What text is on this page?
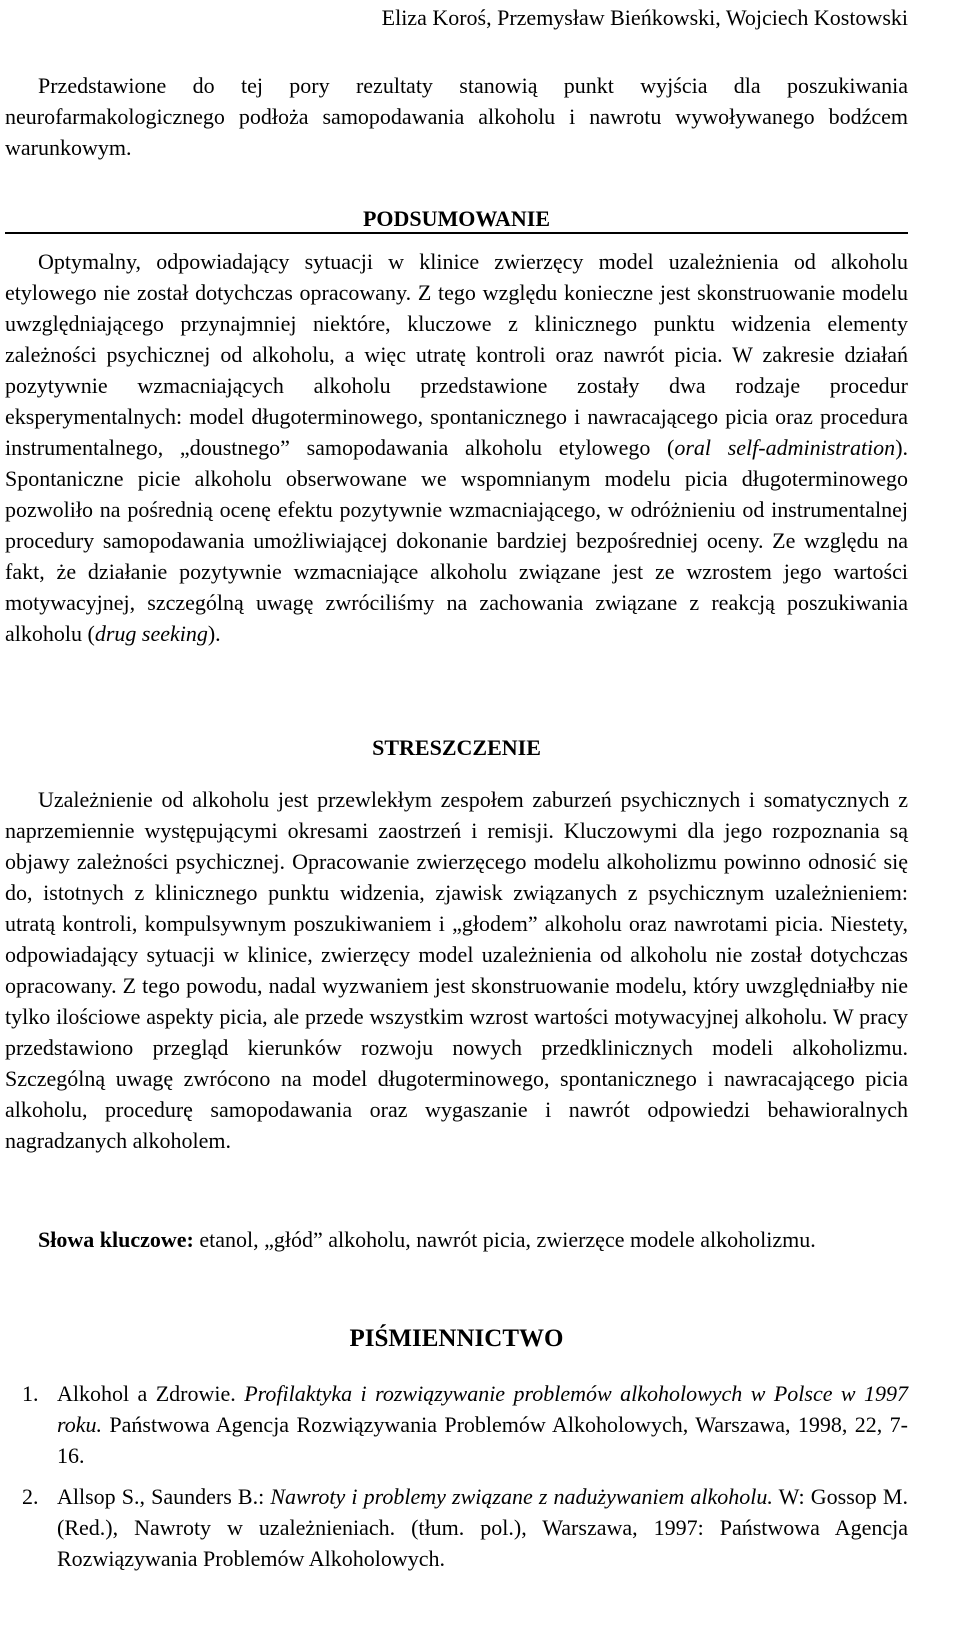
Eliza Koroś, Przemysław Bieńkowski, Wojciech Kostowski

Przedstawione do tej pory rezultaty stanowią punkt wyjścia dla poszukiwania neurofarmakologicznego podłoża samopodawania alkoholu i nawrotu wywoływanego bodźcem warunkowym.

PODSUMOWANIE

Optymalny, odpowiadający sytuacji w klinice zwierzęcy model uzależnienia od alkoholu etylowego nie został dotychczas opracowany. Z tego względu konieczne jest skonstruowanie modelu uwzględniającego przynajmniej niektóre, kluczowe z klinicznego punktu widzenia elementy zależności psychicznej od alkoholu, a więc utratę kontroli oraz nawrót picia. W zakresie działań pozytywnie wzmacniających alkoholu przedstawione zostały dwa rodzaje procedur eksperymentalnych: model długoterminowego, spontanicznego i nawracającego picia oraz procedura instrumentalnego, „doustnego” samopodawania alkoholu etylowego (oral self-administration). Spontaniczne picie alkoholu obserwowane we wspomnianym modelu picia długoterminowego pozwoliło na pośrednią ocenę efektu pozytywnie wzmacniającego, w odróżnieniu od instrumentalnej procedury samopodawania umożliwiającej dokonanie bardziej bezpośredniej oceny. Ze względu na fakt, że działanie pozytywnie wzmacniające alkoholu związane jest ze wzrostem jego wartości motywacyjnej, szczególną uwagę zwróciliśmy na zachowania związane z reakcją poszukiwania alkoholu (drug seeking).

STRESZCZENIE

Uzależnienie od alkoholu jest przewlekłym zespołem zaburzeń psychicznych i somatycznych z naprzemiennie występującymi okresami zaostrzeń i remisji. Kluczowymi dla jego rozpoznania są objawy zależności psychicznej. Opracowanie zwierzęcego modelu alkoholizmu powinno odnosić się do, istotnych z klinicznego punktu widzenia, zjawisk związanych z psychicznym uzależnieniem: utratą kontroli, kompulsywnym poszukiwaniem i „głodem” alkoholu oraz nawrotami picia. Niestety, odpowiadający sytuacji w klinice, zwierzęcy model uzależnienia od alkoholu nie został dotychczas opracowany. Z tego powodu, nadal wyzwaniem jest skonstruowanie modelu, który uwzględniałby nie tylko ilościowe aspekty picia, ale przede wszystkim wzrost wartości motywacyjnej alkoholu. W pracy przedstawiono przegląd kierunków rozwoju nowych przedklinicznych modeli alkoholizmu. Szczególną uwagę zwrócono na model długoterminowego, spontanicznego i nawracającego picia alkoholu, procedurę samopodawania oraz wygaszanie i nawrót odpowiedzi behawioralnych nagradzanych alkoholem.

Słowa kluczowe: etanol, „głód” alkoholu, nawrót picia, zwierzęce modele alkoholizmu.

PIŚMIENNICTWO
1. Alkohol a Zdrowie. Profilaktyka i rozwiązywanie problemów alkoholowych w Polsce w 1997 roku. Państwowa Agencja Rozwiązywania Problemów Alkoholowych, Warszawa, 1998, 22, 7-16.
2. Allsop S., Saunders B.: Nawroty i problemy związane z nadużywaniem alkoholu. W: Gossop M. (Red.), Nawroty w uzależnieniach. (tłum. pol.), Warszawa, 1997: Państwowa Agencja Rozwiązywania Problemów Alkoholowych.
